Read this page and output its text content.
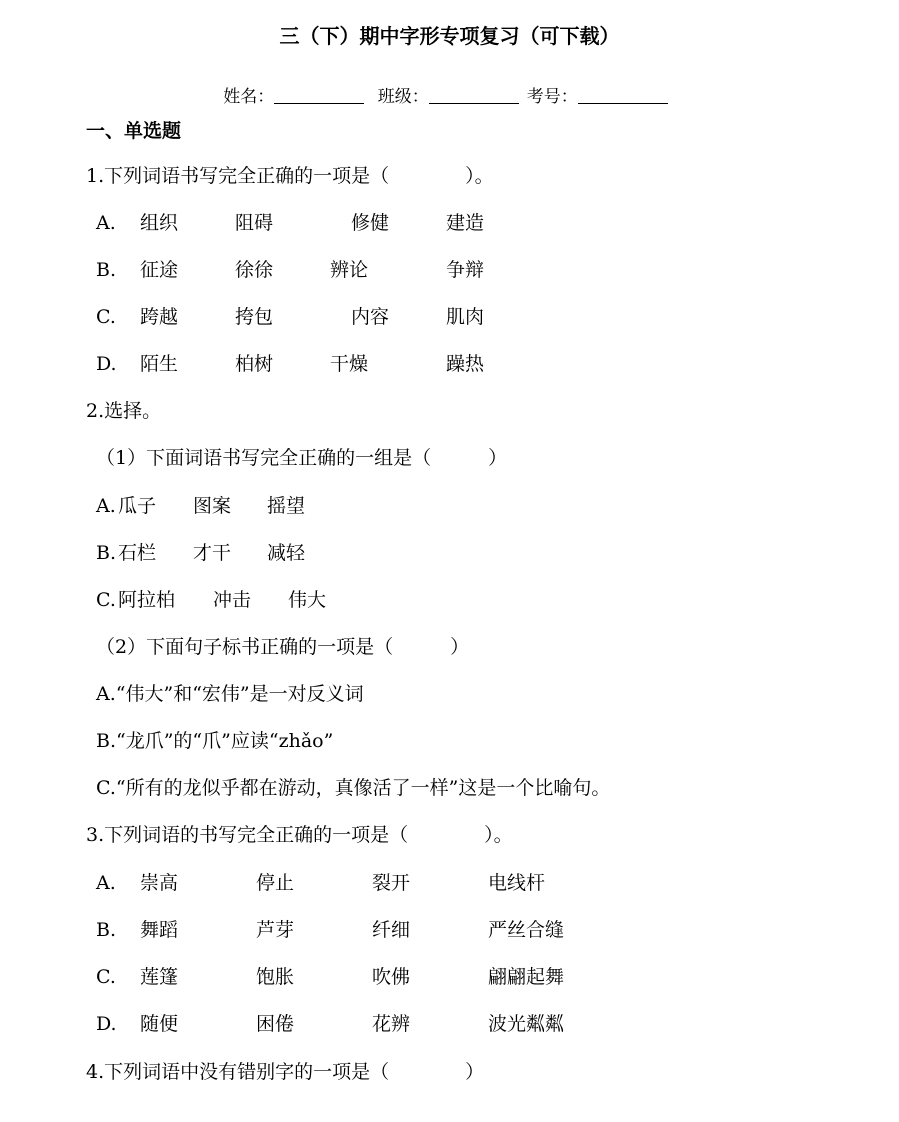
三（下）期中字形专项复习（可下载）
姓名：	班级：	考号：
一、单选题
1.下列词语书写完全正确的一项是（　　　　）。
A. 组织	阻碍	修健	建造
B. 征途	徐徐	辨论	争辩
C. 跨越	挎包	内容	肌肉
D. 陌生	柏树	干燥	躁热
2.选择。
（1）下面词语书写完全正确的一组是（　　　）
A. 瓜子 图案 摇望
B. 石栏 才干 减轻
C. 阿拉柏 冲击 伟大
（2）下面句子标书正确的一项是（　　　）
A.“伟大”和“宏伟”是一对反义词
B.“龙爪”的“爪”应读“zhǎo”
C.“所有的龙似乎都在游动，真像活了一样”这是一个比喻句。
3.下列词语的书写完全正确的一项是（　　　　）。
A. 崇高	停止	裂开	电线杆
B. 舞蹈	芦芽	纤细	严丝合缝
C. 莲篷	饱胀	吹佛	翩翩起舞
D. 随便	困倦	花辨	波光粼粼
4.下列词语中没有错别字的一项是（　　　　）
